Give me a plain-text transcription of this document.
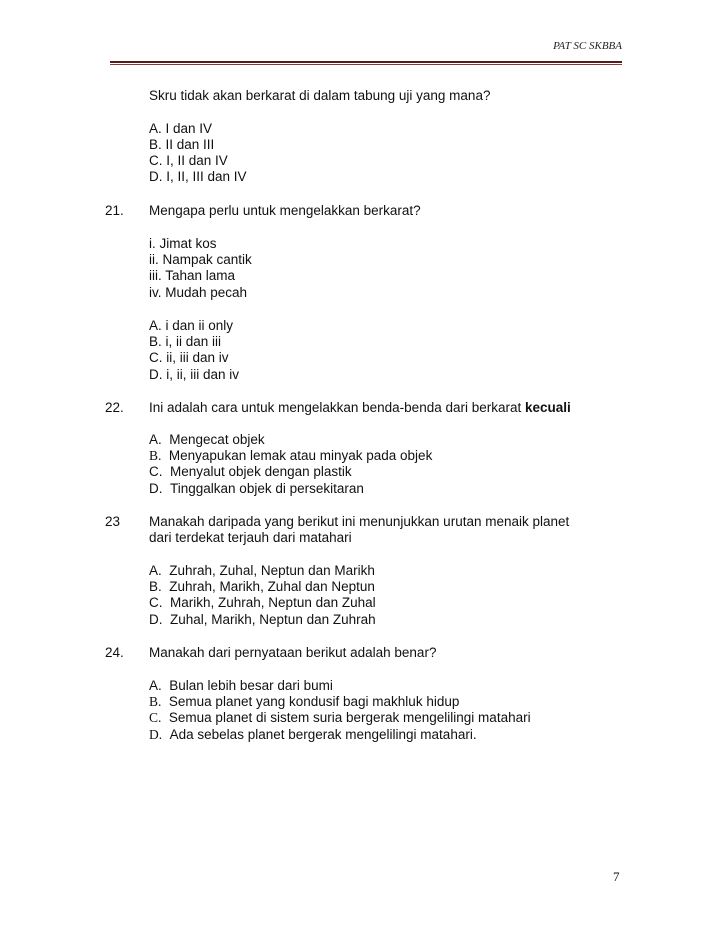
PAT SC SKBBA
Skru tidak akan berkarat di dalam tabung uji yang mana?
A. I dan IV
B. II dan III
C. I, II dan IV
D. I, II, III dan IV
21. Mengapa perlu untuk mengelakkan berkarat?
i. Jimat kos
ii. Nampak cantik
iii. Tahan lama
iv. Mudah pecah
A. i dan ii only
B. i, ii dan iii
C. ii, iii dan iv
D. i, ii, iii dan iv
22. Ini adalah cara untuk mengelakkan benda-benda dari berkarat kecuali
A. Mengecat objek
B. Menyapukan lemak atau minyak pada objek
C. Menyalut objek dengan plastik
D. Tinggalkan objek di persekitaran
23 Manakah daripada yang berikut ini menunjukkan urutan menaik planet
dari terdekat terjauh dari matahari
A. Zuhrah, Zuhal, Neptun dan Marikh
B. Zuhrah, Marikh, Zuhal dan Neptun
C. Marikh, Zuhrah, Neptun dan Zuhal
D. Zuhal, Marikh, Neptun dan Zuhrah
24. Manakah dari pernyataan berikut adalah benar?
A. Bulan lebih besar dari bumi
B. Semua planet yang kondusif bagi makhluk hidup
C. Semua planet di sistem suria bergerak mengelilingi matahari
D. Ada sebelas planet bergerak mengelilingi matahari.
7
